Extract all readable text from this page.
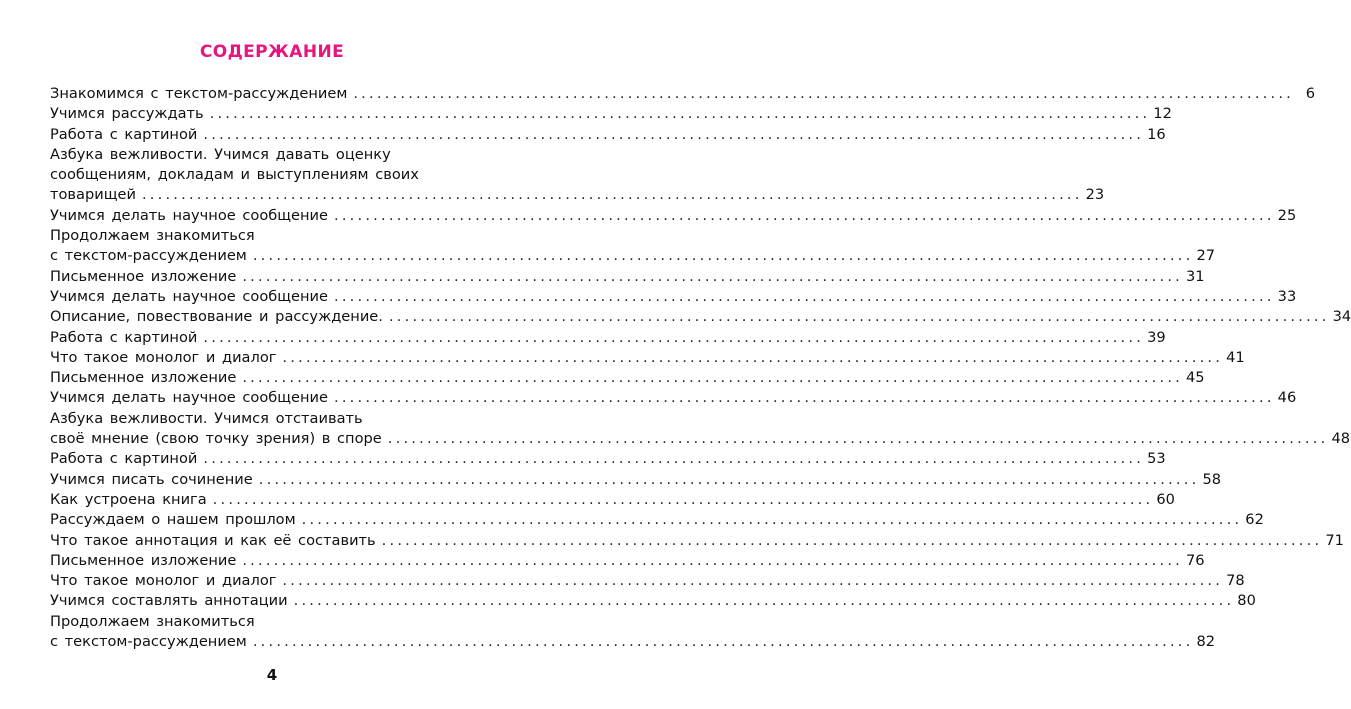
СОДЕРЖАНИЕ
Знакомимся с текстом-рассуждением ........................................................................................................................ 6
Учимся рассуждать ........................................................................................................................ 12
Работа с картиной ........................................................................................................................ 16
Азбука вежливости. Учимся давать оценку
сообщениям, докладам и выступлениям своих
товарищей ........................................................................................................................ 23
Учимся делать научное сообщение ........................................................................................................................ 25
Продолжаем знакомиться
с текстом-рассуждением ........................................................................................................................ 27
Письменное изложение ........................................................................................................................ 31
Учимся делать научное сообщение ........................................................................................................................ 33
Описание, повествование и рассуждение. ........................................................................................................................ 34
Работа с картиной ........................................................................................................................ 39
Что такое монолог и диалог ........................................................................................................................ 41
Письменное изложение ........................................................................................................................ 45
Учимся делать научное сообщение ........................................................................................................................ 46
Азбука вежливости. Учимся отстаивать
своё мнение (свою точку зрения) в споре ........................................................................................................................ 48
Работа с картиной ........................................................................................................................ 53
Учимся писать сочинение ........................................................................................................................ 58
Как устроена книга ........................................................................................................................ 60
Рассуждаем о нашем прошлом ........................................................................................................................ 62
Что такое аннотация и как её составить ........................................................................................................................ 71
Письменное изложение ........................................................................................................................ 76
Что такое монолог и диалог ........................................................................................................................ 78
Учимся составлять аннотации ........................................................................................................................ 80
Продолжаем знакомиться
с текстом-рассуждением ........................................................................................................................ 82
4
